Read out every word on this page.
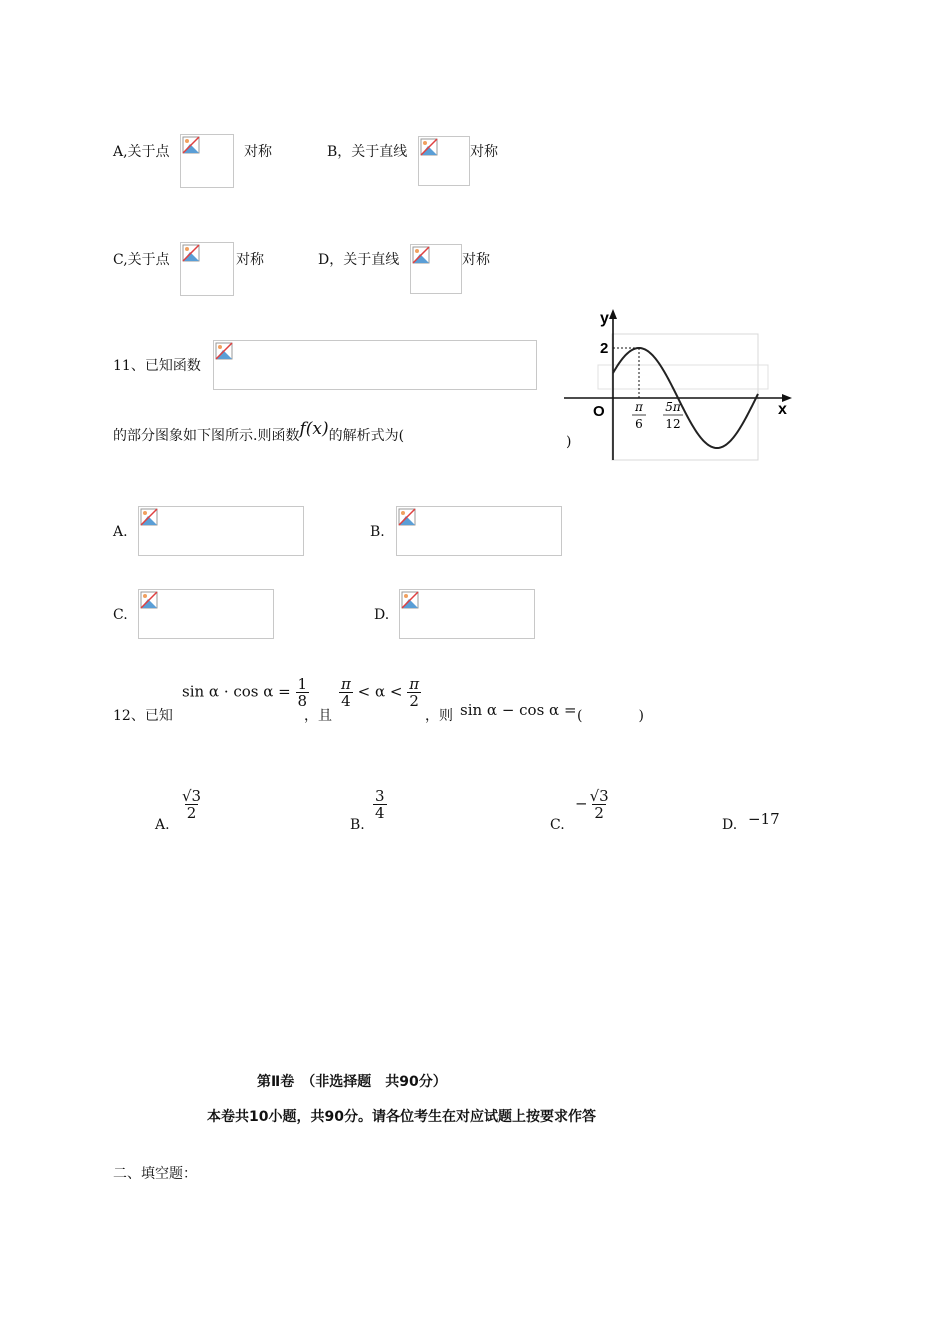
A,关于点	对称	B，关于直线	对称
C,关于点	对称	D，关于直线	对称
11、已知函数
的部分图象如下图所示.则函数f(x)的解析式为(	)
y
x
O
2
π
6
5π
12
A.	B.
C.	D.
12、已知
$\sin \alpha \cdot \cos \alpha = \frac{1}{8}$
，且
$\frac{\pi}{4} < \alpha < \frac{\pi}{2}$
，则 sin α − cos α = (　　　　)
A.
$\frac{√3}{2}$
B.
$\frac{3}{4}$
C.
− $\frac{√3}{2}$
D. −17
第Ⅱ卷　（非选择题　共90分）
本卷共10小题，共90分。请各位考生在对应试题上按要求作答
二、填空题：
